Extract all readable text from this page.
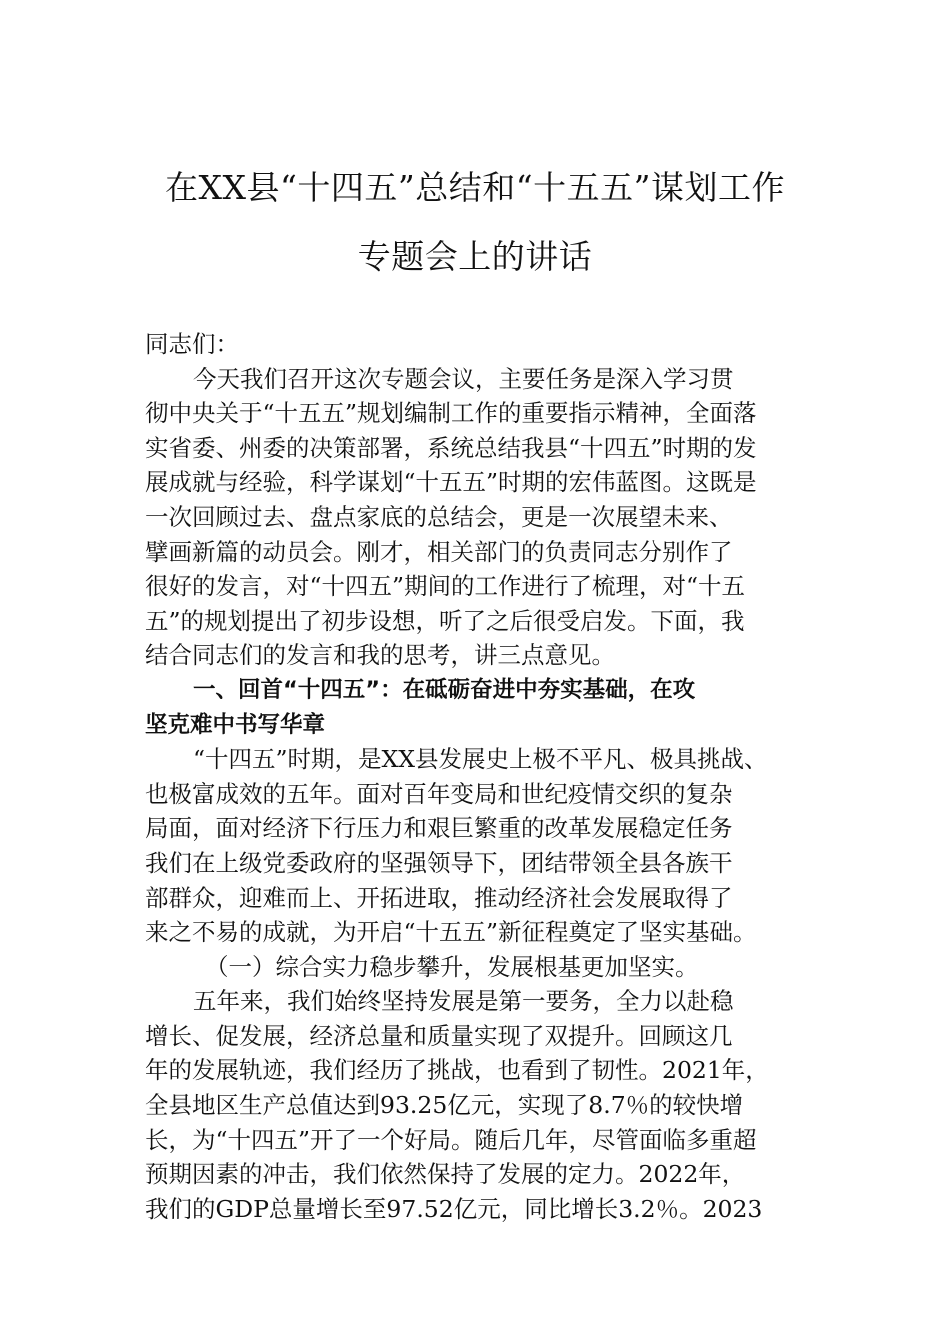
在XX县“十四五”总结和“十五五”谋划工作
专题会上的讲话
同志们：
今天我们召开这次专题会议，主要任务是深入学习贯
彻中央关于“十五五”规划编制工作的重要指示精神，全面落
实省委、州委的决策部署，系统总结我县“十四五”时期的发
展成就与经验，科学谋划“十五五”时期的宏伟蓝图。这既是
一次回顾过去、盘点家底的总结会，更是一次展望未来、
擘画新篇的动员会。刚才，相关部门的负责同志分别作了
很好的发言，对“十四五”期间的工作进行了梳理，对“十五
五”的规划提出了初步设想，听了之后很受启发。下面，我
结合同志们的发言和我的思考，讲三点意见。
一、回首“十四五”：在砥砺奋进中夯实基础，在攻
坚克难中书写华章
“十四五”时期，是XX县发展史上极不平凡、极具挑战、
也极富成效的五年。面对百年变局和世纪疫情交织的复杂
局面，面对经济下行压力和艰巨繁重的改革发展稳定任务
我们在上级党委政府的坚强领导下，团结带领全县各族干
部群众，迎难而上、开拓进取，推动经济社会发展取得了
来之不易的成就，为开启“十五五”新征程奠定了坚实基础。
（一）综合实力稳步攀升，发展根基更加坚实。
五年来，我们始终坚持发展是第一要务，全力以赴稳
增长、促发展，经济总量和质量实现了双提升。回顾这几
年的发展轨迹，我们经历了挑战，也看到了韧性。2021年，
全县地区生产总值达到93.25亿元，实现了8.7％的较快增
长，为“十四五”开了一个好局。随后几年，尽管面临多重超
预期因素的冲击，我们依然保持了发展的定力。2022年，
我们的GDP总量增长至97.52亿元，同比增长3.2％。2023
